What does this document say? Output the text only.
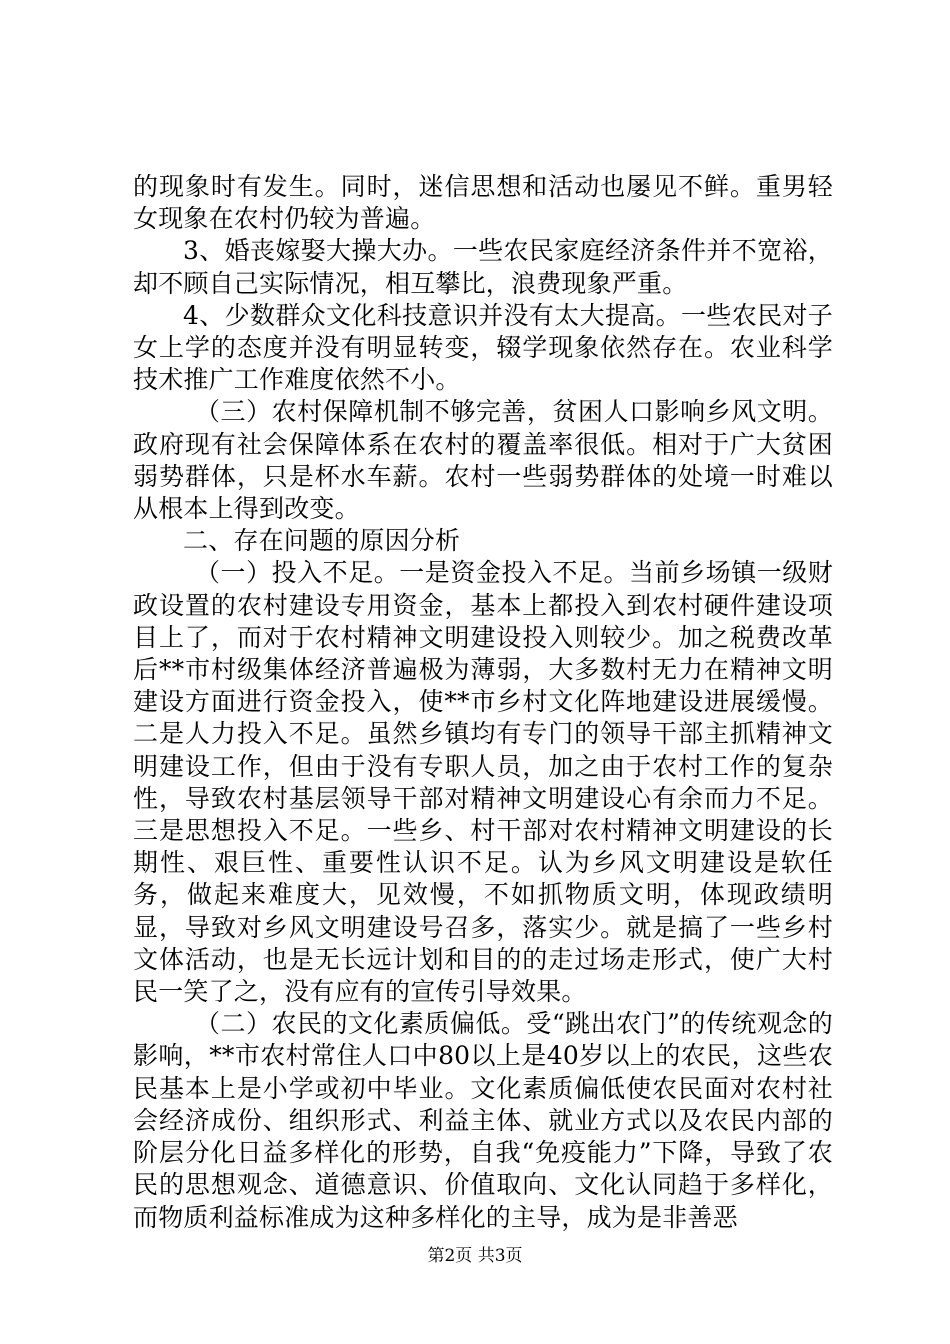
的现象时有发生。同时，迷信思想和活动也屡见不鲜。重男轻女现象在农村仍较为普遍。

3、婚丧嫁娶大操大办。一些农民家庭经济条件并不宽裕，却不顾自己实际情况，相互攀比，浪费现象严重。

4、少数群众文化科技意识并没有太大提高。一些农民对子女上学的态度并没有明显转变，辍学现象依然存在。农业科学技术推广工作难度依然不小。

（三）农村保障机制不够完善，贫困人口影响乡风文明。政府现有社会保障体系在农村的覆盖率很低。相对于广大贫困弱势群体，只是杯水车薪。农村一些弱势群体的处境一时难以从根本上得到改变。

二、存在问题的原因分析

（一）投入不足。一是资金投入不足。当前乡场镇一级财政设置的农村建设专用资金，基本上都投入到农村硬件建设项目上了，而对于农村精神文明建设投入则较少。加之税费改革后**市村级集体经济普遍极为薄弱，大多数村无力在精神文明建设方面进行资金投入，使**市乡村文化阵地建设进展缓慢。二是人力投入不足。虽然乡镇均有专门的领导干部主抓精神文明建设工作，但由于没有专职人员，加之由于农村工作的复杂性，导致农村基层领导干部对精神文明建设心有余而力不足。三是思想投入不足。一些乡、村干部对农村精神文明建设的长期性、艰巨性、重要性认识不足。认为乡风文明建设是软任务，做起来难度大，见效慢，不如抓物质文明，体现政绩明显，导致对乡风文明建设号召多，落实少。就是搞了一些乡村文体活动，也是无长远计划和目的的走过场走形式，使广大村民一笑了之，没有应有的宣传引导效果。

（二）农民的文化素质偏低。受“跳出农门”的传统观念的影响，**市农村常住人口中80以上是40岁以上的农民，这些农民基本上是小学或初中毕业。文化素质偏低使农民面对农村社会经济成份、组织形式、利益主体、就业方式以及农民内部的阶层分化日益多样化的形势，自我“免疫能力”下降，导致了农民的思想观念、道德意识、价值取向、文化认同趋于多样化，而物质利益标准成为这种多样化的主导，成为是非善恶

第2页 共3页
